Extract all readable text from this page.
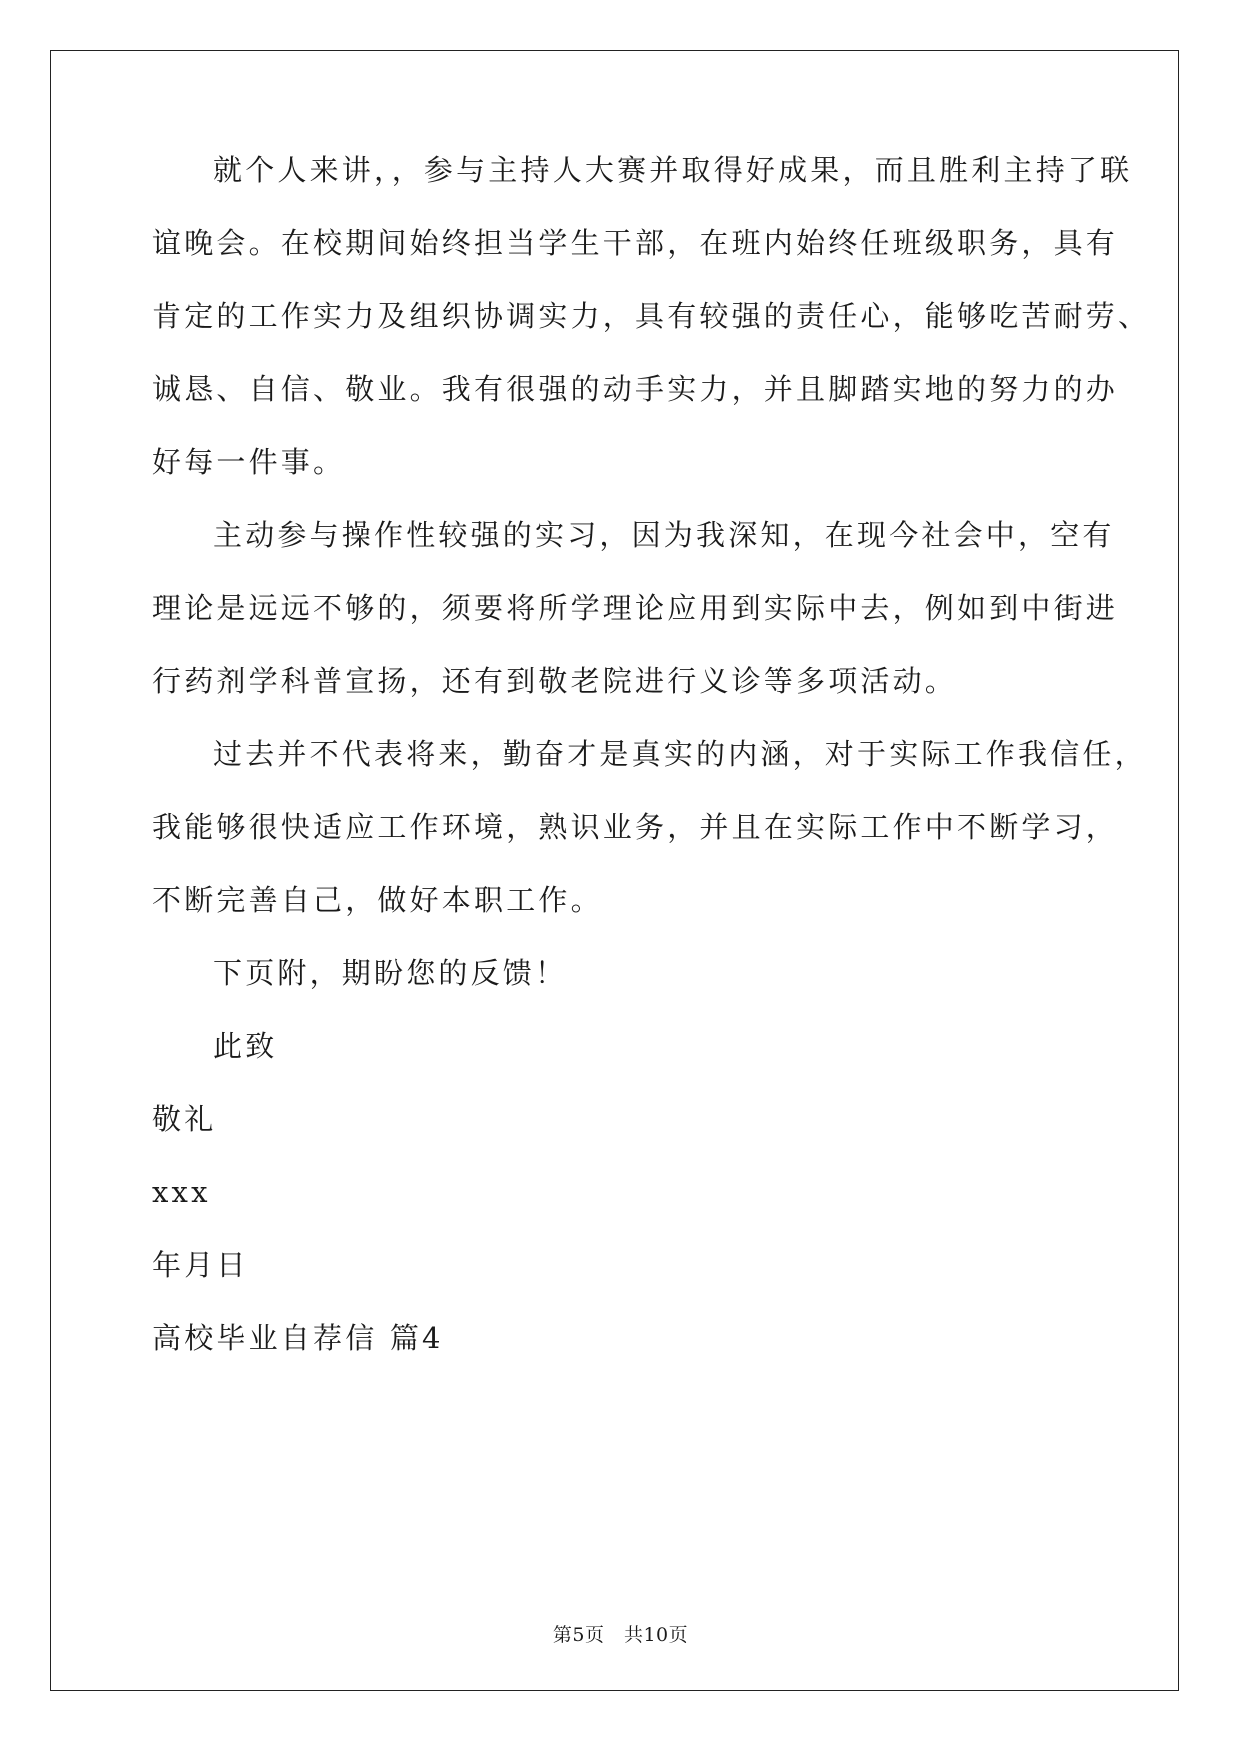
就个人来讲，，参与主持人大赛并取得好成果，而且胜利主持了联
谊晚会。在校期间始终担当学生干部，在班内始终任班级职务，具有
肯定的工作实力及组织协调实力，具有较强的责任心，能够吃苦耐劳、
诚恳、自信、敬业。我有很强的动手实力，并且脚踏实地的努力的办
好每一件事。
主动参与操作性较强的实习，因为我深知，在现今社会中，空有
理论是远远不够的，须要将所学理论应用到实际中去，例如到中街进
行药剂学科普宣扬，还有到敬老院进行义诊等多项活动。
过去并不代表将来，勤奋才是真实的内涵，对于实际工作我信任，
我能够很快适应工作环境，熟识业务，并且在实际工作中不断学习，
不断完善自己，做好本职工作。
下页附，期盼您的反馈！
此致
敬礼
xxx
年月日
高校毕业自荐信 篇4
第5页　共10页
